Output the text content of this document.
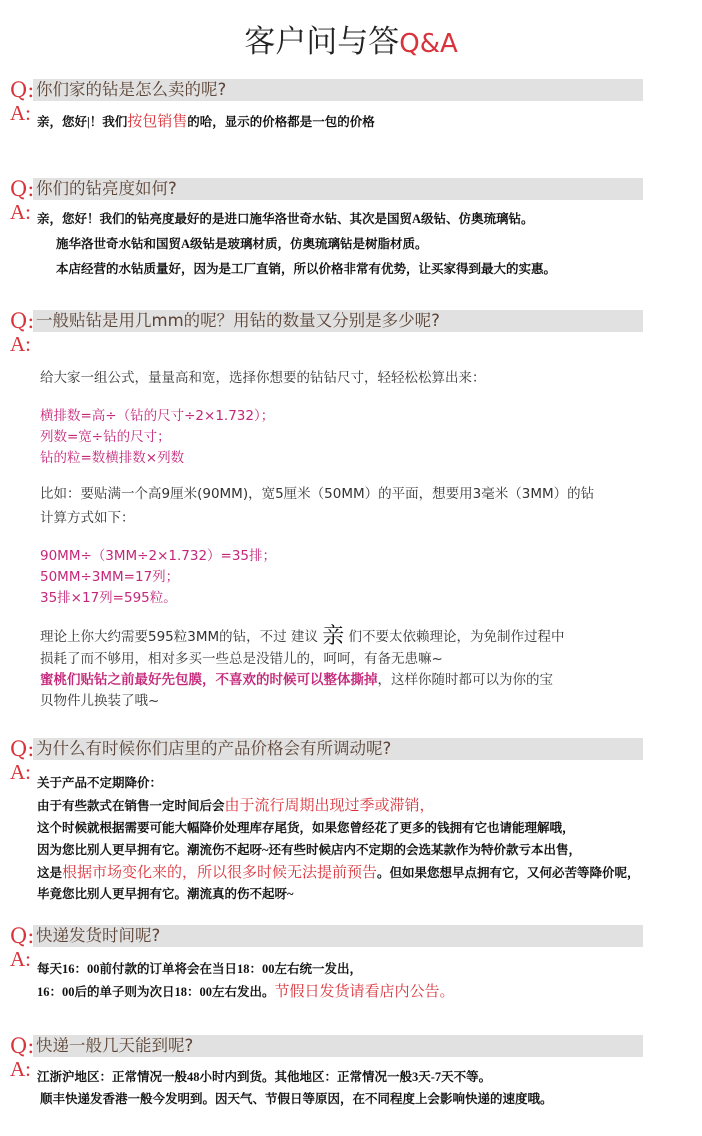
客户问与答Q&A
Q: 你们家的钻是怎么卖的呢?
A: 亲，您好|！我们按包销售的哈，显示的价格都是一包的价格
Q: 你们的钻亮度如何?
A: 亲，您好！我们的钻亮度最好的是进口施华洛世奇水钻、其次是国贸A级钻、仿奥琉璃钻。
施华洛世奇水钻和国贸A级钻是玻璃材质，仿奥琉璃钻是树脂材质。
本店经营的水钻质量好，因为是工厂直销，所以价格非常有优势，让买家得到最大的实惠。
Q: 一般贴钻是用几mm的呢？用钻的数量又分别是多少呢?
A:
给大家一组公式，量量高和宽，选择你想要的钻钻尺寸，轻轻松松算出来：
横排数=高÷（钻的尺寸÷2×1.732）；
列数=宽÷钻的尺寸；
钻的粒=数横排数×列数
比如：要贴满一个高9厘米(90MM)，宽5厘米（50MM）的平面，想要用3毫米（3MM）的钻
计算方式如下：
90MM÷（3MM÷2×1.732）=35排；
50MM÷3MM=17列；
35排×17列=595粒。
理论上你大约需要595粒3MM的钻，不过 建议 亲 们不要太依赖理论，为免制作过程中
损耗了而不够用，相对多买一些总是没错儿的，呵呵，有备无患嘛~
蜜桃们贴钻之前最好先包膜，不喜欢的时候可以整体撕掉，这样你随时都可以为你的宝
贝物件儿换装了哦~
Q: 为什么有时候你们店里的产品价格会有所调动呢?
A: 关于产品不定期降价：
由于有些款式在销售一定时间后会由于流行周期出现过季或滞销，
这个时候就根据需要可能大幅降价处理库存尾货，如果您曾经花了更多的钱拥有它也请能理解哦，
因为您比别人更早拥有它。潮流伤不起呀~还有些时候店内不定期的会选某款作为特价款亏本出售，
这是根据市场变化来的，所以很多时候无法提前预告。但如果您想早点拥有它，又何必苦等降价呢，
毕竟您比别人更早拥有它。潮流真的伤不起呀~
Q: 快递发货时间呢?
A: 每天16：00前付款的订单将会在当日18：00左右统一发出，
16：00后的单子则为次日18：00左右发出。节假日发货请看店内公告。
Q: 快递一般几天能到呢?
A: 江浙沪地区：正常情况一般48小时内到货。其他地区：正常情况一般3天-7天不等。
顺丰快递发香港一般今发明到。因天气、节假日等原因，在不同程度上会影响快递的速度哦。
